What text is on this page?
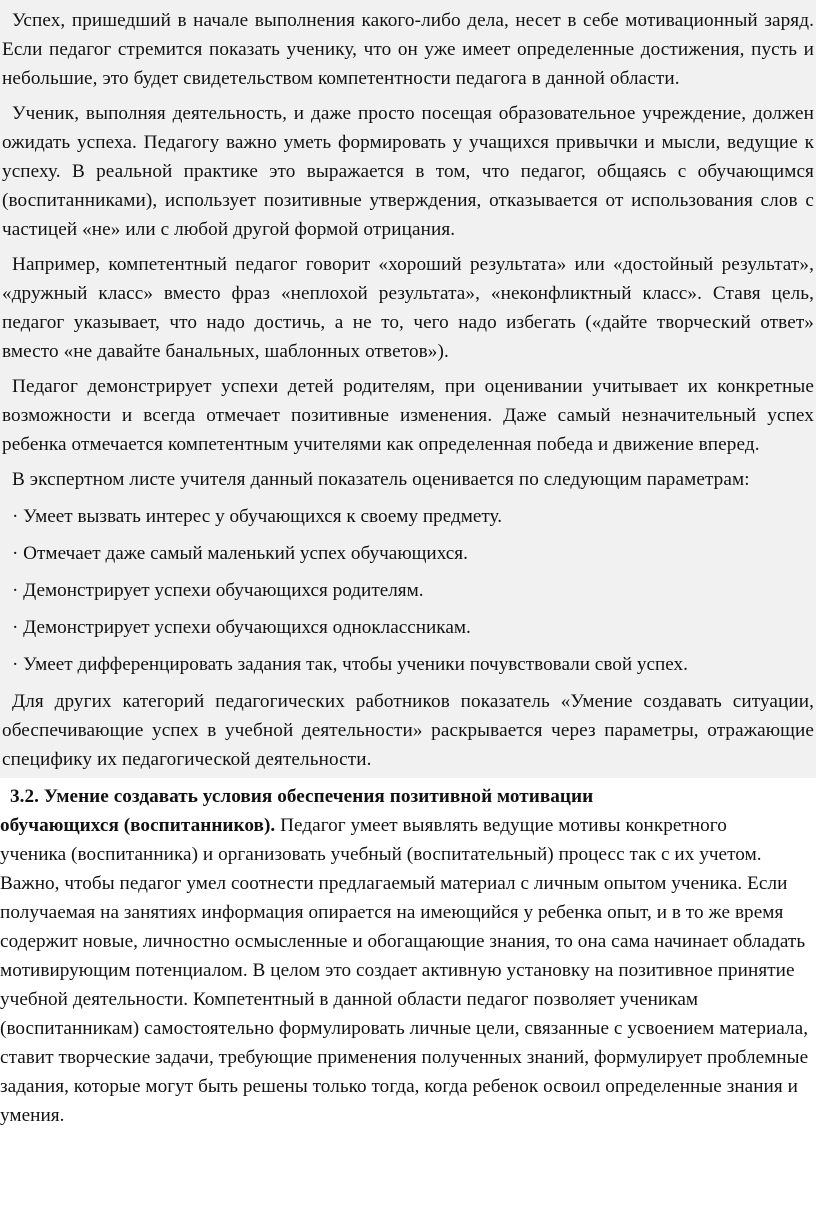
Успех, пришедший в начале выполнения какого-либо дела, несет в себе мотивационный заряд. Если педагог стремится показать ученику, что он уже имеет определенные достижения, пусть и небольшие, это будет свидетельством компетентности педагога в данной области.

Ученик, выполняя деятельность, и даже просто посещая образовательное учреждение, должен ожидать успеха. Педагогу важно уметь формировать у учащихся привычки и мысли, ведущие к успеху. В реальной практике это выражается в том, что педагог, общаясь с обучающимся (воспитанниками), использует позитивные утверждения, отказывается от использования слов с частицей «не» или с любой другой формой отрицания.

Например, компетентный педагог говорит «хороший результата» или «достойный результат», «дружный класс» вместо фраз «неплохой результата», «неконфликтный класс». Ставя цель, педагог указывает, что надо достичь, а не то, чего надо избегать («дайте творческий ответ» вместо «не давайте банальных, шаблонных ответов»).

Педагог демонстрирует успехи детей родителям, при оценивании учитывает их конкретные возможности и всегда отмечает позитивные изменения. Даже самый незначительный успех ребенка отмечается компетентным учителями как определенная победа и движение вперед.

В экспертном листе учителя данный показатель оценивается по следующим параметрам:

· Умеет вызвать интерес у обучающихся к своему предмету.
· Отмечает даже самый маленький успех обучающихся.
· Демонстрирует успехи обучающихся родителям.
· Демонстрирует успехи обучающихся одноклассникам.
· Умеет дифференцировать задания так, чтобы ученики почувствовали свой успех.

Для других категорий педагогических работников показатель «Умение создавать ситуации, обеспечивающие успех в учебной деятельности» раскрывается через параметры, отражающие специфику их педагогической деятельности.

3.2. Умение создавать условия обеспечения позитивной мотивации

обучающихся (воспитанников). Педагог умеет выявлять ведущие мотивы конкретного
ученика (воспитанника) и организовать учебный (воспитательный) процесс так с их учетом. Важно, чтобы педагог умел соотнести предлагаемый материал с личным опытом ученика. Если получаемая на занятиях информация опирается на имеющийся у ребенка опыт, и в то же время содержит новые, личностно осмысленные и обогащающие знания, то она сама начинает обладать мотивирующим потенциалом. В целом это создает активную установку на позитивное принятие учебной деятельности. Компетентный в данной области педагог позволяет ученикам (воспитанникам) самостоятельно формулировать личные цели, связанные с усвоением материала, ставит творческие задачи, требующие применения полученных знаний, формулирует проблемные задания, которые могут быть решены только тогда, когда ребенок освоил определенные знания и умения.
